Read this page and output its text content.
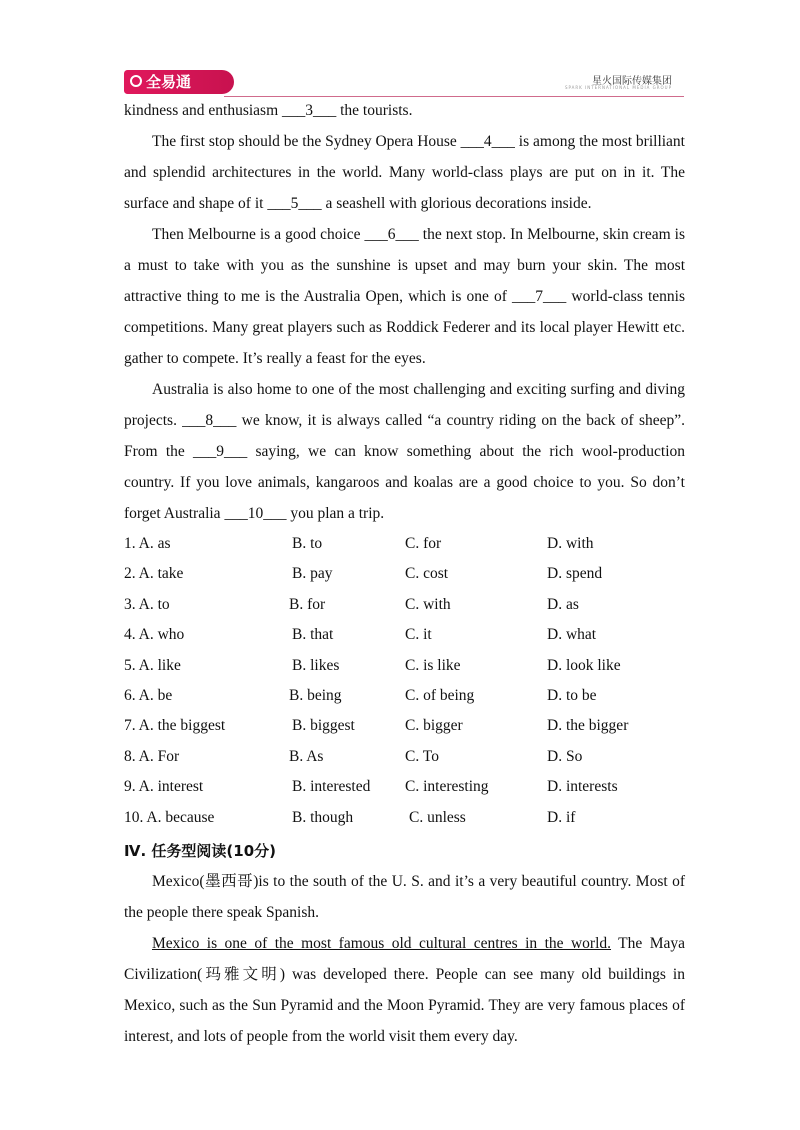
全易通	星火国际传媒集团
SPARK INTERNATIONAL MEDIA GROUP

kindness and enthusiasm ___3___ the tourists.

The first stop should be the Sydney Opera House ___4___ is among the most brilliant and splendid architectures in the world. Many world-class plays are put on in it. The surface and shape of it ___5___ a seashell with glorious decorations inside.

Then Melbourne is a good choice ___6___ the next stop. In Melbourne, skin cream is a must to take with you as the sunshine is upset and may burn your skin. The most attractive thing to me is the Australia Open, which is one of ___7___ world-class tennis competitions. Many great players such as Roddick Federer and its local player Hewitt etc. gather to compete. It’s really a feast for the eyes.

Australia is also home to one of the most challenging and exciting surfing and diving projects. ___8___ we know, it is always called “a country riding on the back of sheep”. From the ___9___ saying, we can know something about the rich wool-production country. If you love animals, kangaroos and koalas are a good choice to you. So don’t forget Australia ___10___ you plan a trip.

1. A. as	B. to	C. for	D. with
2. A. take	B. pay	C. cost	D. spend
3. A. to	B. for	C. with	D. as
4. A. who	B. that	C. it	D. what
5. A. like	B. likes	C. is like	D. look like
6. A. be	B. being	C. of being	D. to be
7. A. the biggest	B. biggest	C. bigger	D. the bigger
8. A. For	B. As	C. To	D. So
9. A. interest	B. interested C. interesting	D. interests
10. A. because	B. though	C. unless	D. if
Ⅳ. 任务型阅读(10分)

Mexico(墨西哥)is to the south of the U. S. and it’s a very beautiful country. Most of the people there speak Spanish.

Mexico is one of the most famous old cultural centres in the world. The Maya Civilization(玛雅文明) was developed there. People can see many old buildings in Mexico, such as the Sun Pyramid and the Moon Pyramid. They are very famous places of interest, and lots of people from the world visit them every day.
